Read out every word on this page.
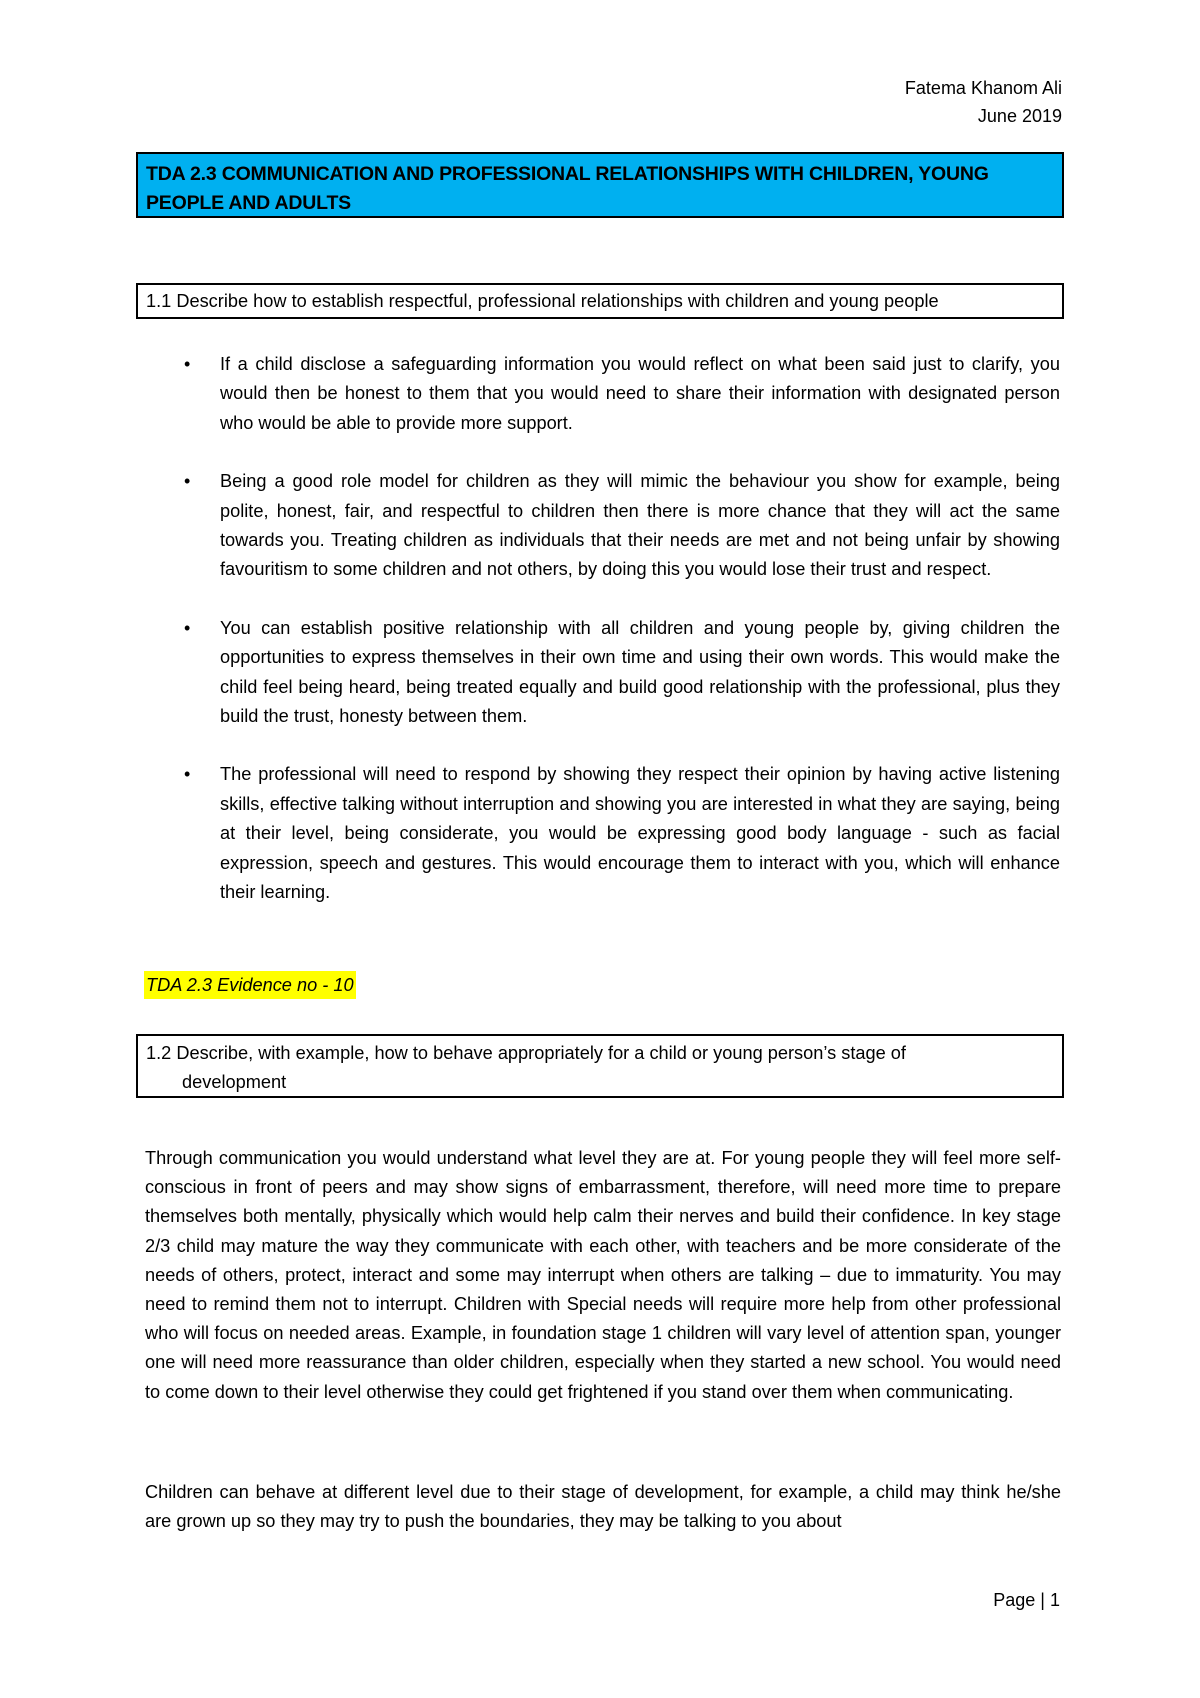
Fatema Khanom Ali
June 2019
TDA 2.3 COMMUNICATION AND PROFESSIONAL RELATIONSHIPS WITH CHILDREN, YOUNG PEOPLE AND ADULTS
1.1 Describe how to establish respectful, professional relationships with children and young people
• If a child disclose a safeguarding information you would reflect on what been said just to clarify, you would then be honest to them that you would need to share their information with designated person who would be able to provide more support.
• Being a good role model for children as they will mimic the behaviour you show for example, being polite, honest, fair, and respectful to children then there is more chance that they will act the same towards you. Treating children as individuals that their needs are met and not being unfair by showing favouritism to some children and not others, by doing this you would lose their trust and respect.
• You can establish positive relationship with all children and young people by, giving children the opportunities to express themselves in their own time and using their own words. This would make the child feel being heard, being treated equally and build good relationship with the professional, plus they build the trust, honesty between them.
• The professional will need to respond by showing they respect their opinion by having active listening skills, effective talking without interruption and showing you are interested in what they are saying, being at their level, being considerate, you would be expressing good body language - such as facial expression, speech and gestures. This would encourage them to interact with you, which will enhance their learning.
TDA 2.3 Evidence no - 10
1.2 Describe, with example, how to behave appropriately for a child or young person’s stage of
development

Through communication you would understand what level they are at. For young people they will feel more self-conscious in front of peers and may show signs of embarrassment, therefore, will need more time to prepare themselves both mentally, physically which would help calm their nerves and build their confidence. In key stage 2/3 child may mature the way they communicate with each other, with teachers and be more considerate of the needs of others, protect, interact and some may interrupt when others are talking – due to immaturity. You may need to remind them not to interrupt. Children with Special needs will require more help from other professional who will focus on needed areas. Example, in foundation stage 1 children will vary level of attention span, younger one will need more reassurance than older children, especially when they started a new school. You would need to come down to their level otherwise they could get frightened if you stand over them when communicating.

Children can behave at different level due to their stage of development, for example, a child may think he/she are grown up so they may try to push the boundaries, they may be talking to you about

Page | 1
